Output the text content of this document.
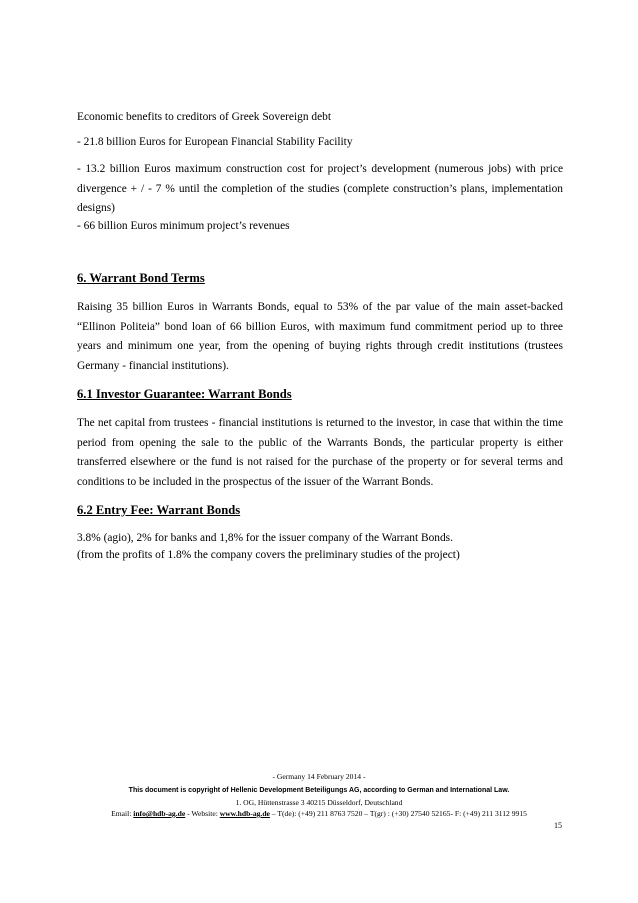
Economic benefits to creditors of Greek Sovereign debt

- 21.8 billion Euros for European Financial Stability Facility

- 13.2 billion Euros maximum construction cost for project’s development (numerous jobs) with price divergence + / - 7 % until the completion of the studies (complete construction’s plans, implementation designs)

- 66 billion Euros minimum project’s revenues

6. Warrant Bond Terms

Raising 35 billion Euros in Warrants Bonds, equal to 53% of the par value of the main asset-backed “Ellinon Politeia” bond loan of 66 billion Euros, with maximum fund commitment period up to three years and minimum one year, from the opening of buying rights through credit institutions (trustees Germany - financial institutions).

6.1 Investor Guarantee: Warrant Bonds

The net capital from trustees - financial institutions is returned to the investor, in case that within the time period from opening the sale to the public of the Warrants Bonds, the particular property is either transferred elsewhere or the fund is not raised for the purchase of the property or for several terms and conditions to be included in the prospectus of the issuer of the Warrant Bonds.

6.2 Entry Fee: Warrant Bonds

3.8% (agio), 2% for banks and 1,8% for the issuer company of the Warrant Bonds.

(from the profits of 1.8% the company covers the preliminary studies of the project)

- Germany 14 February 2014 -
This document is copyright of Hellenic Development Beteiligungs AG, according to German and International Law.
1. OG, Hüttenstrasse 3 40215 Düsseldorf, Deutschland
Email: info@hdb-ag.de - Website: www.hdb-ag.de – T(de): (+49) 211 8763 7520 – T(gr) : (+30) 27540 52165- F: (+49) 211 3112 9915
15
